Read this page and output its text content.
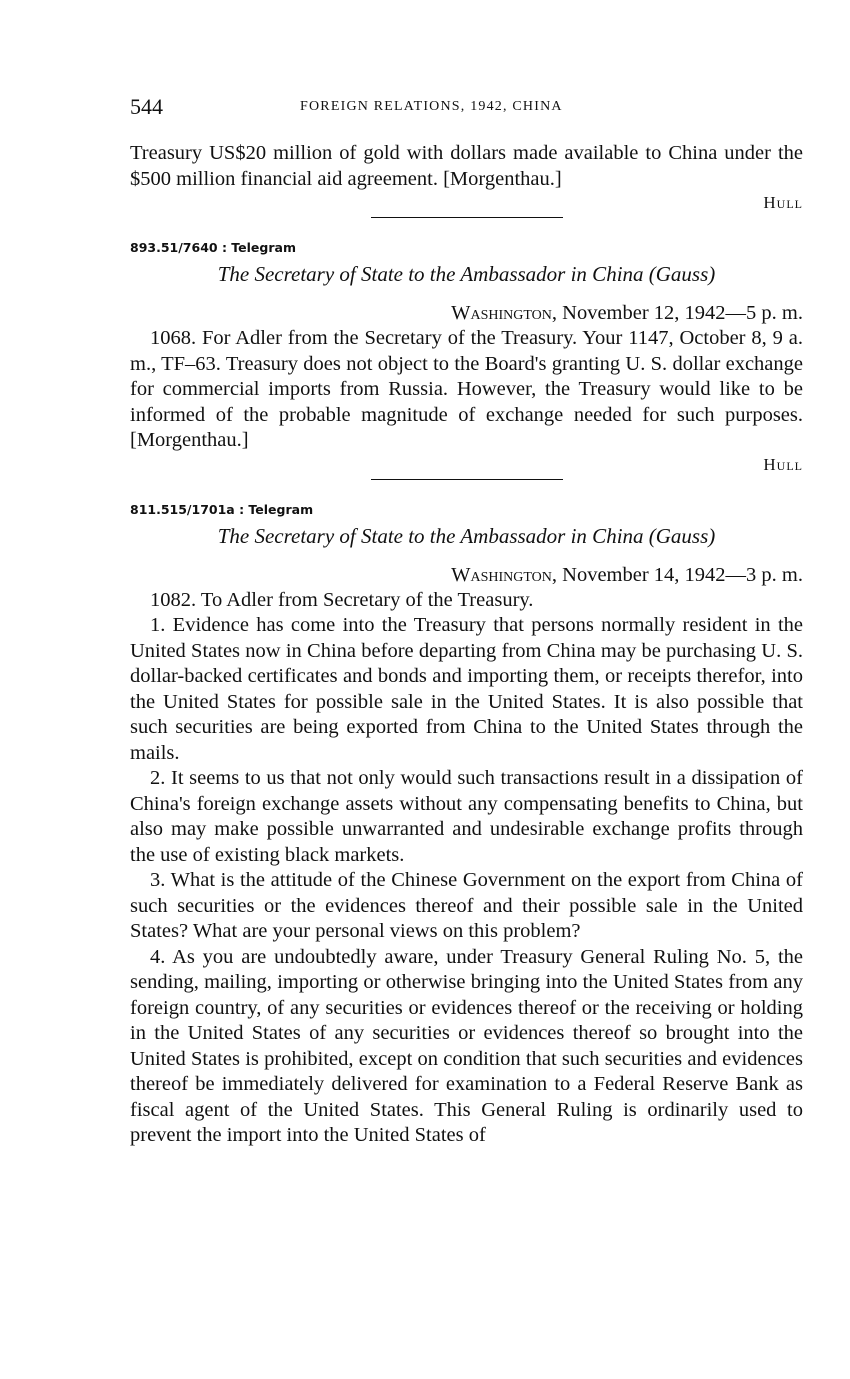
544	FOREIGN RELATIONS, 1942, CHINA

Treasury US$20 million of gold with dollars made available to China under the $500 million financial aid agreement. [Morgenthau.]

Hull

893.51/7640 : Telegram

The Secretary of State to the Ambassador in China (Gauss)

Washington, November 12, 1942—5 p. m.

1068. For Adler from the Secretary of the Treasury. Your 1147, October 8, 9 a. m., TF–63. Treasury does not object to the Board's granting U. S. dollar exchange for commercial imports from Russia. However, the Treasury would like to be informed of the probable magnitude of exchange needed for such purposes. [Morgenthau.]

Hull

811.515/1701a : Telegram

The Secretary of State to the Ambassador in China (Gauss)

Washington, November 14, 1942—3 p. m.

1082. To Adler from Secretary of the Treasury.

1. Evidence has come into the Treasury that persons normally resident in the United States now in China before departing from China may be purchasing U. S. dollar-backed certificates and bonds and importing them, or receipts therefor, into the United States for possible sale in the United States. It is also possible that such securities are being exported from China to the United States through the mails.

2. It seems to us that not only would such transactions result in a dissipation of China's foreign exchange assets without any compensating benefits to China, but also may make possible unwarranted and undesirable exchange profits through the use of existing black markets.

3. What is the attitude of the Chinese Government on the export from China of such securities or the evidences thereof and their possible sale in the United States? What are your personal views on this problem?

4. As you are undoubtedly aware, under Treasury General Ruling No. 5, the sending, mailing, importing or otherwise bringing into the United States from any foreign country, of any securities or evidences thereof or the receiving or holding in the United States of any securities or evidences thereof so brought into the United States is prohibited, except on condition that such securities and evidences thereof be immediately delivered for examination to a Federal Reserve Bank as fiscal agent of the United States. This General Ruling is ordinarily used to prevent the import into the United States of
